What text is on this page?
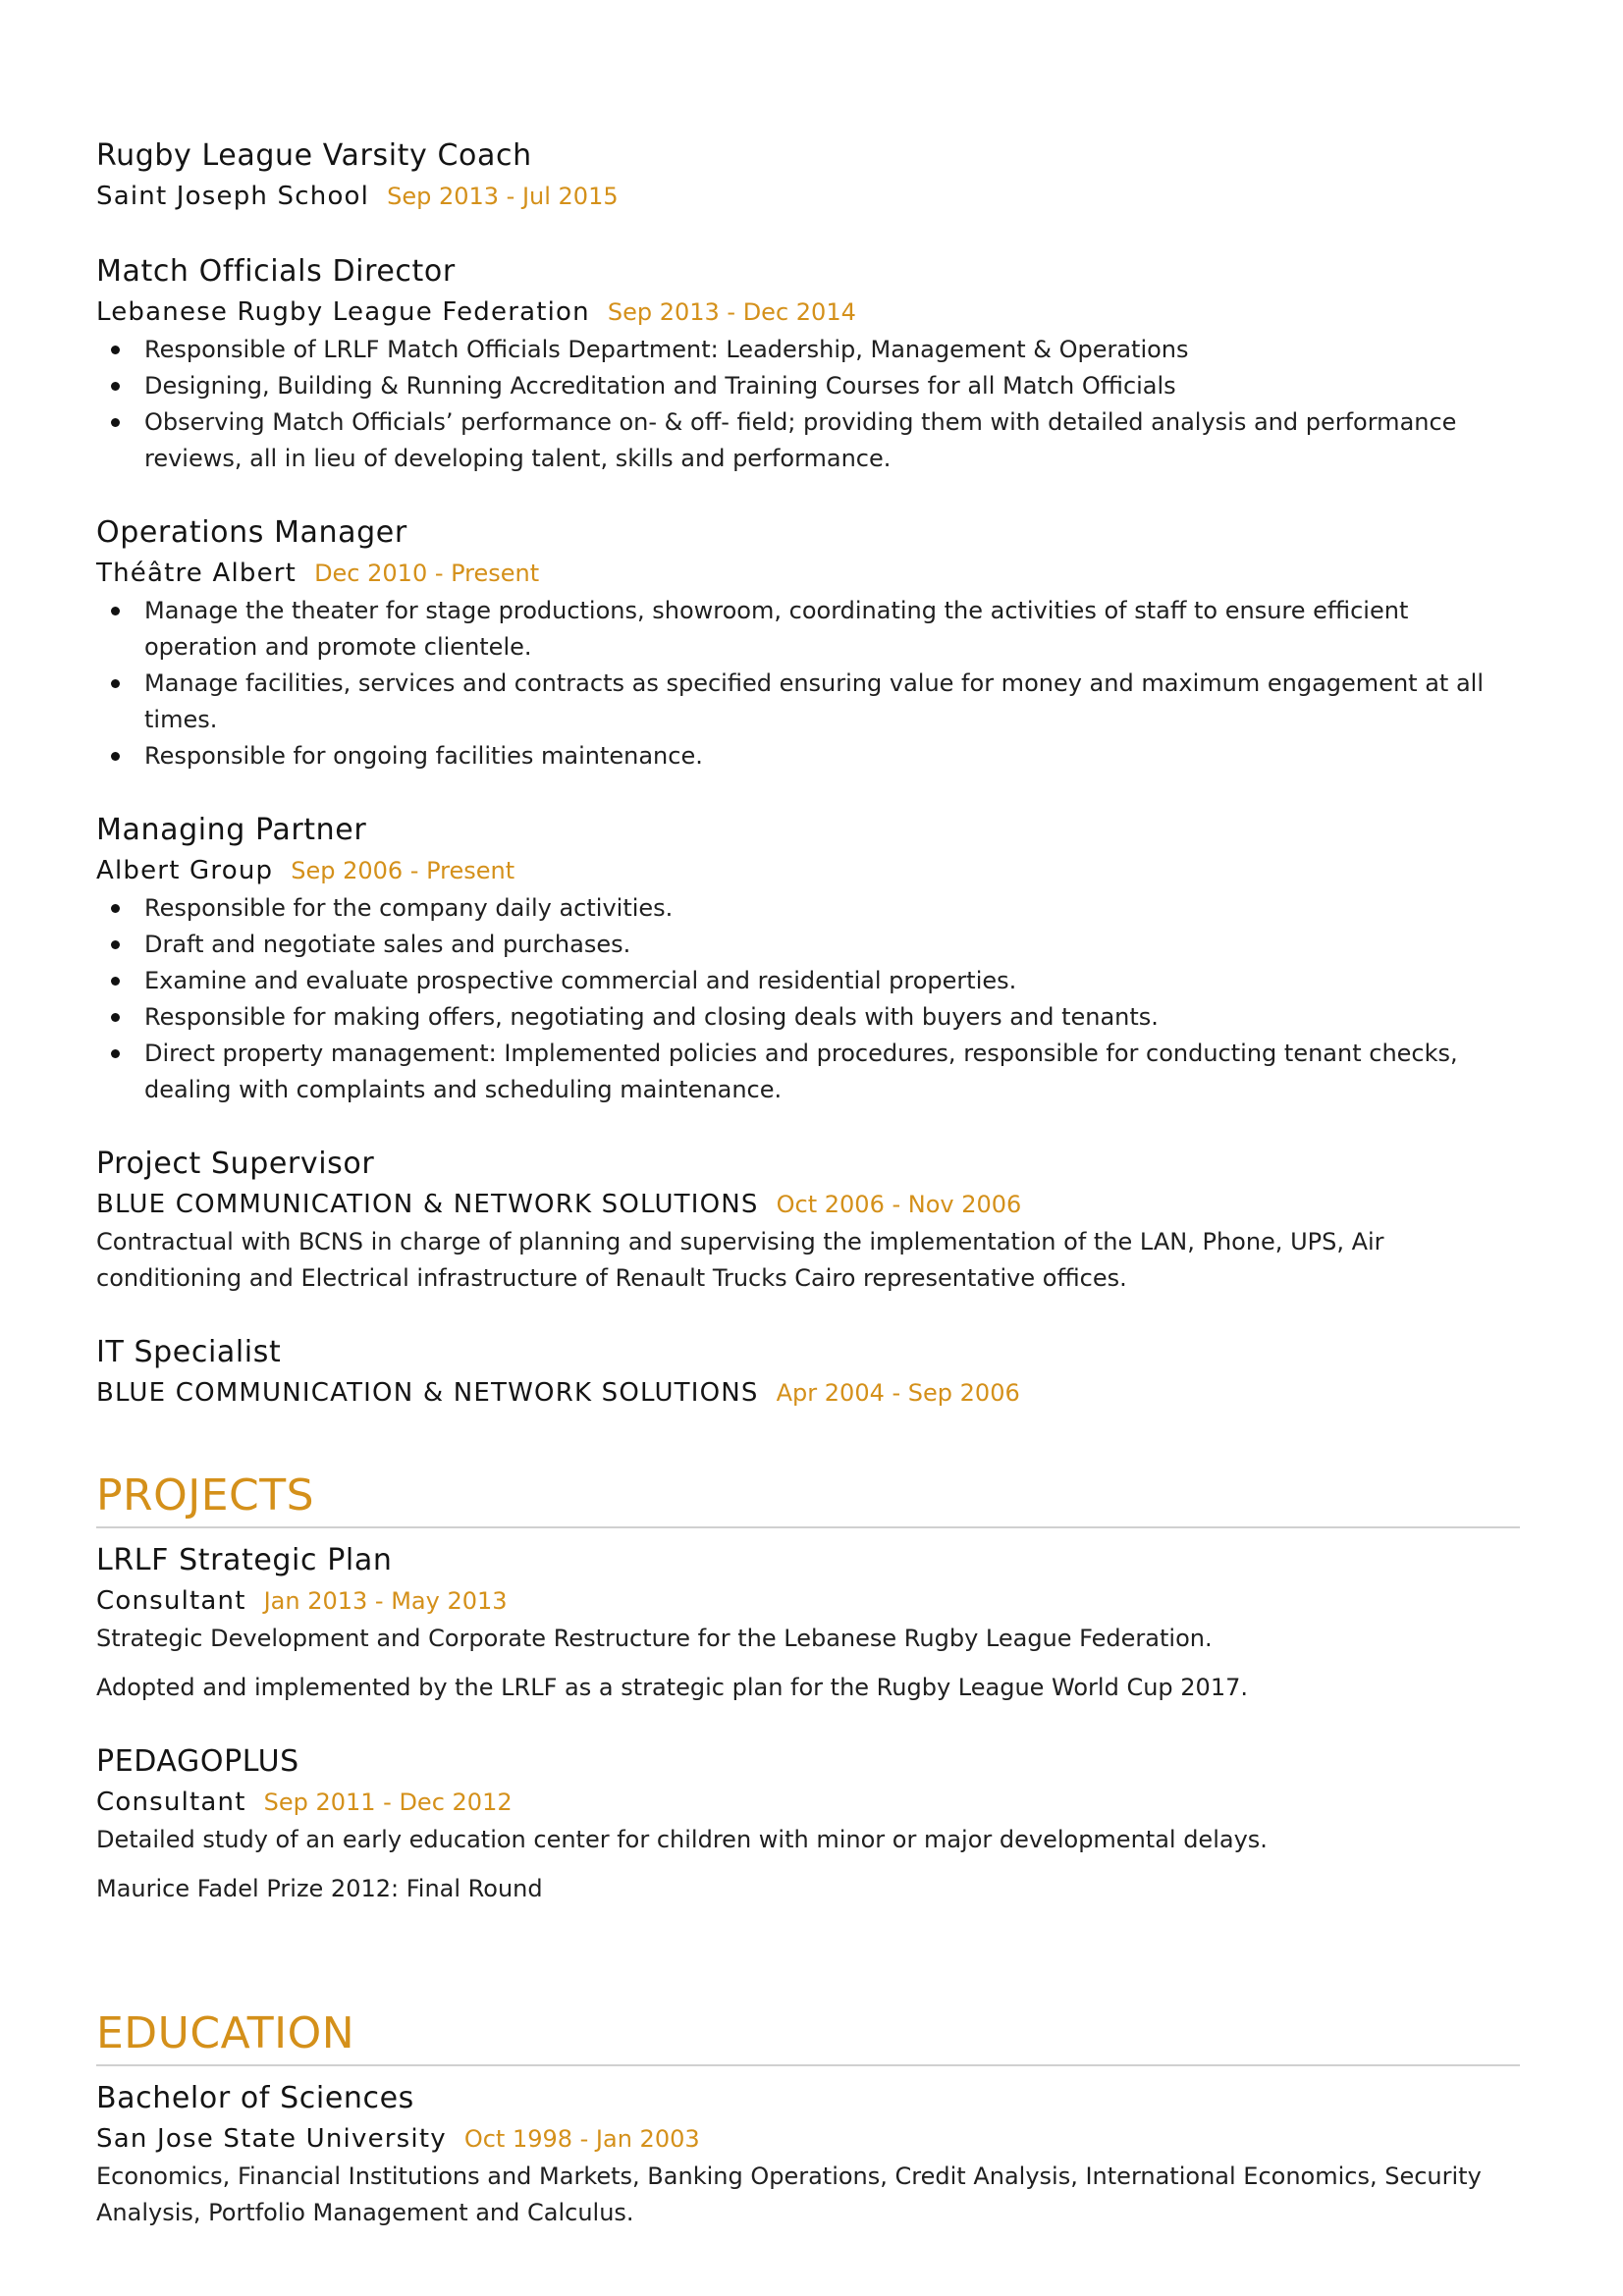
Rugby League Varsity Coach
Saint Joseph School Sep 2013 - Jul 2015
Match Officials Director
Lebanese Rugby League Federation Sep 2013 - Dec 2014
Responsible of LRLF Match Officials Department: Leadership, Management & Operations
Designing, Building & Running Accreditation and Training Courses for all Match Officials
Observing Match Officials’ performance on- & off- field; providing them with detailed analysis and performance reviews, all in lieu of developing talent, skills and performance.
Operations Manager
Théâtre Albert Dec 2010 - Present
Manage the theater for stage productions, showroom, coordinating the activities of staff to ensure efficient operation and promote clientele.
Manage facilities, services and contracts as specified ensuring value for money and maximum engagement at all times.
Responsible for ongoing facilities maintenance.
Managing Partner
Albert Group Sep 2006 - Present
Responsible for the company daily activities.
Draft and negotiate sales and purchases.
Examine and evaluate prospective commercial and residential properties.
Responsible for making offers, negotiating and closing deals with buyers and tenants.
Direct property management: Implemented policies and procedures, responsible for conducting tenant checks, dealing with complaints and scheduling maintenance.
Project Supervisor
BLUE COMMUNICATION & NETWORK SOLUTIONS Oct 2006 - Nov 2006

Contractual with BCNS in charge of planning and supervising the implementation of the LAN, Phone, UPS, Air conditioning and Electrical infrastructure of Renault Trucks Cairo representative offices.

IT Specialist
BLUE COMMUNICATION & NETWORK SOLUTIONS Apr 2004 - Sep 2006
PROJECTS
LRLF Strategic Plan
Consultant Jan 2013 - May 2013

Strategic Development and Corporate Restructure for the Lebanese Rugby League Federation.

Adopted and implemented by the LRLF as a strategic plan for the Rugby League World Cup 2017.

PEDAGOPLUS
Consultant Sep 2011 - Dec 2012

Detailed study of an early education center for children with minor or major developmental delays.

Maurice Fadel Prize 2012: Final Round

EDUCATION
Bachelor of Sciences
San Jose State University Oct 1998 - Jan 2003

Economics, Financial Institutions and Markets, Banking Operations, Credit Analysis, International Economics, Security Analysis, Portfolio Management and Calculus.
